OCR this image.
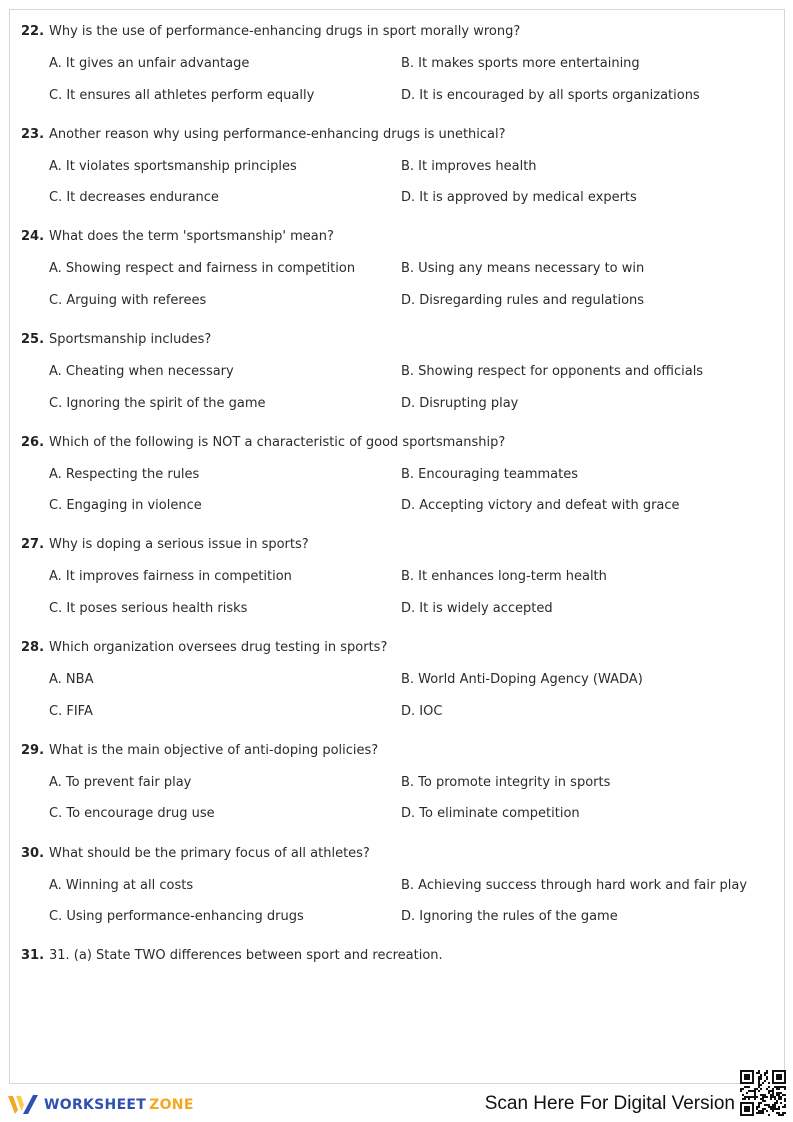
22. Why is the use of performance-enhancing drugs in sport morally wrong?
A. It gives an unfair advantage	B. It makes sports more entertaining
C. It ensures all athletes perform equally	D. It is encouraged by all sports organizations
23. Another reason why using performance-enhancing drugs is unethical?
A. It violates sportsmanship principles	B. It improves health
C. It decreases endurance	D. It is approved by medical experts
24. What does the term 'sportsmanship' mean?
A. Showing respect and fairness in competition	B. Using any means necessary to win
C. Arguing with referees	D. Disregarding rules and regulations
25. Sportsmanship includes?
A. Cheating when necessary	B. Showing respect for opponents and officials
C. Ignoring the spirit of the game	D. Disrupting play
26. Which of the following is NOT a characteristic of good sportsmanship?
A. Respecting the rules	B. Encouraging teammates
C. Engaging in violence	D. Accepting victory and defeat with grace
27. Why is doping a serious issue in sports?
A. It improves fairness in competition	B. It enhances long-term health
C. It poses serious health risks	D. It is widely accepted
28. Which organization oversees drug testing in sports?
A. NBA	B. World Anti-Doping Agency (WADA)
C. FIFA	D. IOC
29. What is the main objective of anti-doping policies?
A. To prevent fair play	B. To promote integrity in sports
C. To encourage drug use	D. To eliminate competition
30. What should be the primary focus of all athletes?
A. Winning at all costs	B. Achieving success through hard work and fair play
C. Using performance-enhancing drugs	D. Ignoring the rules of the game
31. 31. (a) State TWO differences between sport and recreation.
WORKSHEET ZONE	Scan Here For Digital Version
